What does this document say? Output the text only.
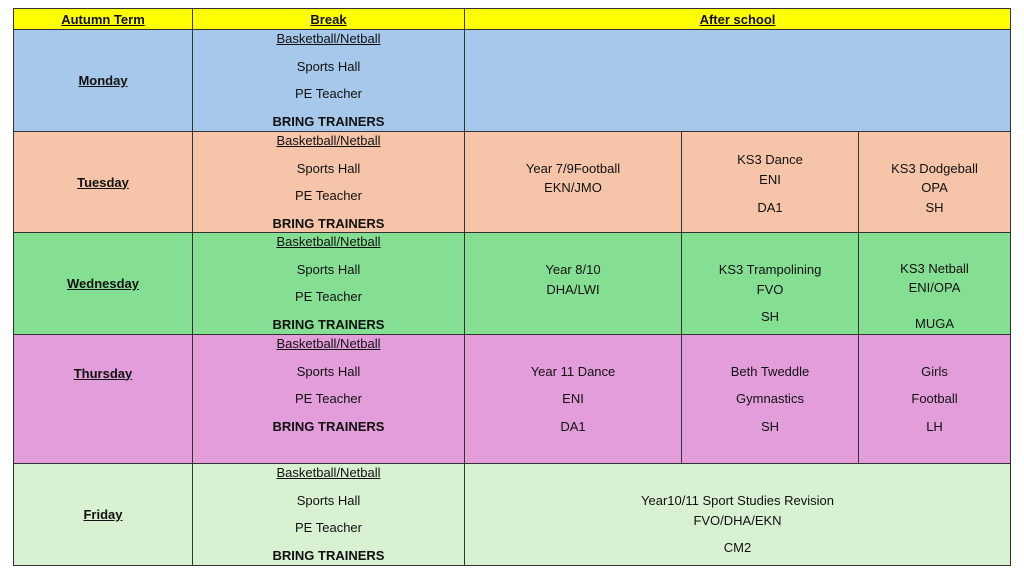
Autumn Term	Break	After school
Monday
Basketball/Netball
Sports Hall
PE Teacher
BRING TRAINERS
Tuesday
Basketball/Netball
Sports Hall
PE Teacher
BRING TRAINERS
Year 7/9Football
EKN/JMO
KS3 Dance
ENI
DA1
KS3 Dodgeball
OPA
SH
Wednesday
Basketball/Netball
Sports Hall
PE Teacher
BRING TRAINERS
Year 8/10
DHA/LWI
KS3 Trampolining
FVO
SH
KS3 Netball
ENI/OPA
MUGA
Thursday
Basketball/Netball
Sports Hall
PE Teacher
BRING TRAINERS
Year 11 Dance
ENI
DA1
Beth Tweddle
Gymnastics
SH
Girls
Football
LH
Friday
Basketball/Netball
Sports Hall
PE Teacher
BRING TRAINERS
Year10/11 Sport Studies Revision
FVO/DHA/EKN
CM2
